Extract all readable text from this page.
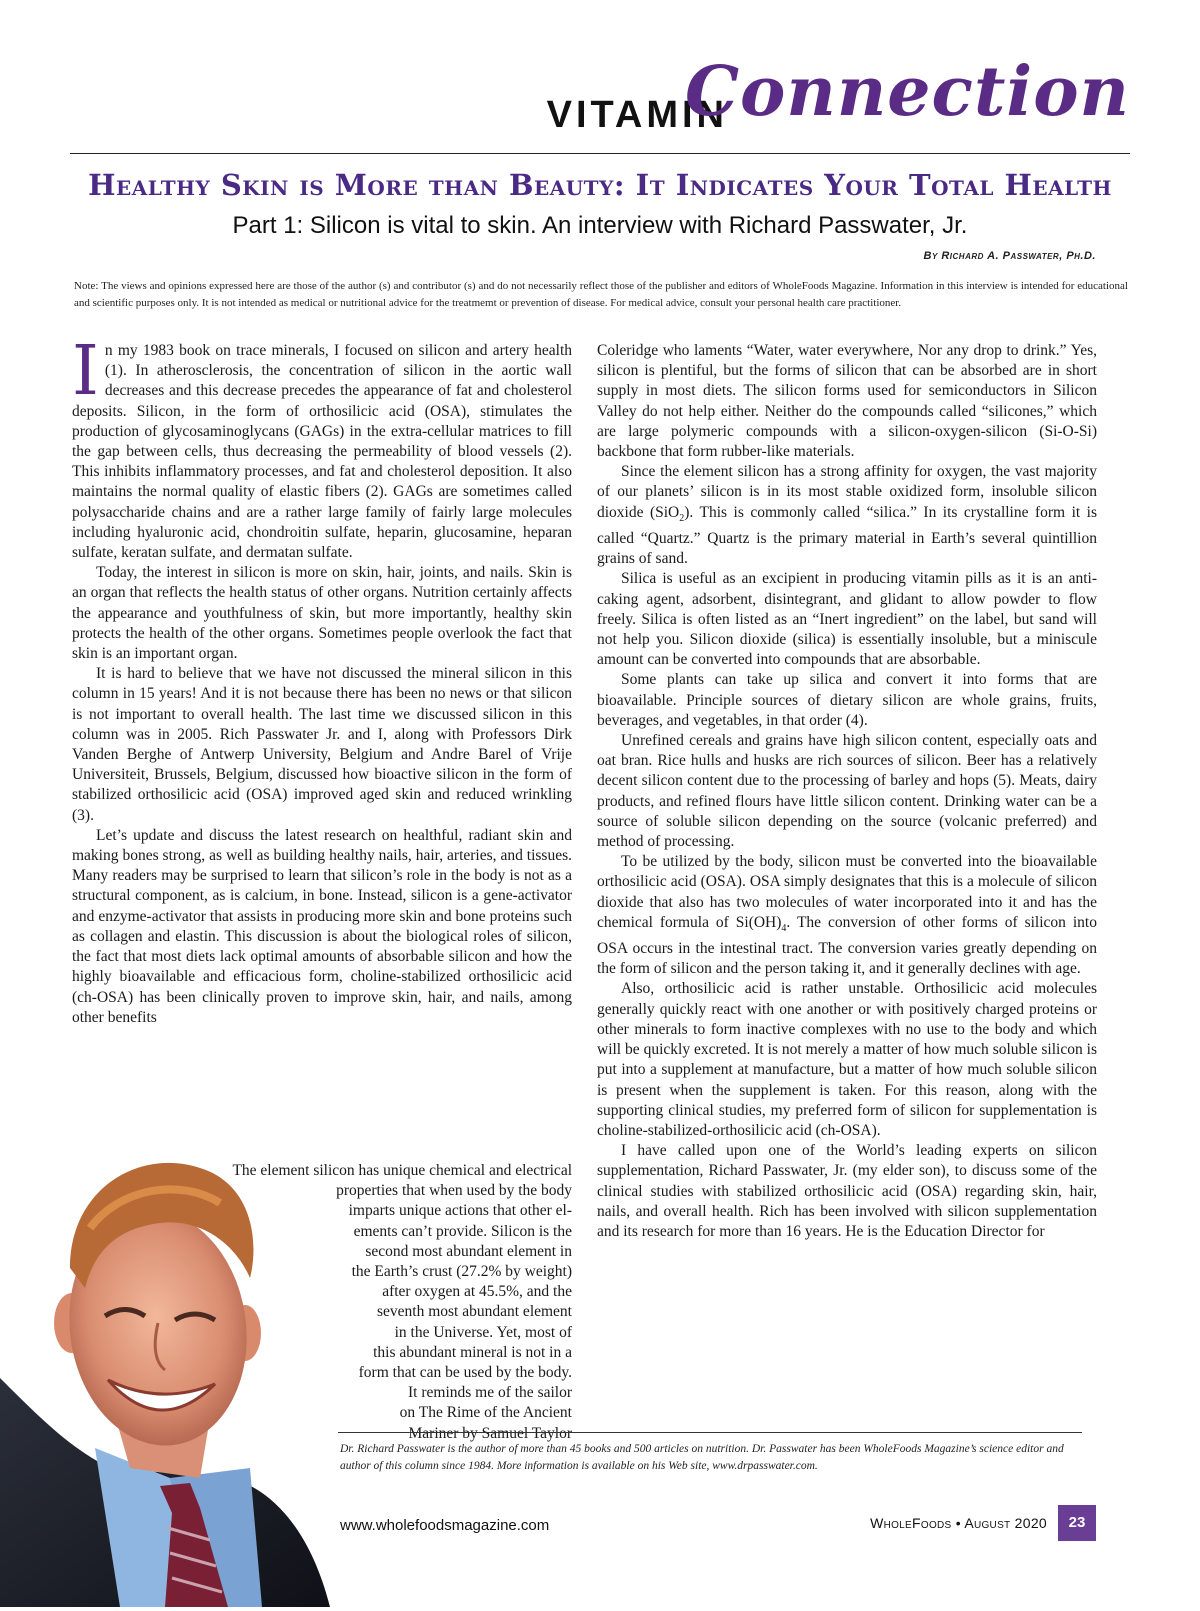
VITAMIN
Connection
Healthy Skin is More than Beauty: It Indicates Your Total Health
Part 1: Silicon is vital to skin. An interview with Richard Passwater, Jr.
By Richard A. Passwater, Ph.D.
Note: The views and opinions expressed here are those of the author (s) and contributor (s) and do not necessarily reflect those of the publisher and editors of WholeFoods Magazine. Information in this interview is intended for educational and scientific purposes only. It is not intended as medical or nutritional advice for the treatmemt or prevention of disease. For medical advice, consult your personal health care practitioner.

In my 1983 book on trace minerals, I focused on silicon and artery health (1). In atherosclerosis, the concentration of silicon in the aortic wall decreases and this decrease precedes the appearance of fat and cholesterol deposits. Silicon, in the form of orthosilicic acid (OSA), stimulates the production of glycosaminoglycans (GAGs) in the extra-cellular matrices to fill the gap between cells, thus decreasing the permeability of blood vessels (2). This inhibits inflammatory processes, and fat and cholesterol deposition. It also maintains the normal quality of elastic fibers (2). GAGs are sometimes called polysaccharide chains and are a rather large family of fairly large molecules including hyaluronic acid, chondroitin sulfate, heparin, glucosamine, heparan sulfate, keratan sulfate, and dermatan sulfate.

Today, the interest in silicon is more on skin, hair, joints, and nails. Skin is an organ that reflects the health status of other organs. Nutrition certainly affects the appearance and youthfulness of skin, but more importantly, healthy skin protects the health of the other organs. Sometimes people overlook the fact that skin is an important organ.

It is hard to believe that we have not discussed the mineral silicon in this column in 15 years! And it is not because there has been no news or that silicon is not important to overall health. The last time we discussed silicon in this column was in 2005. Rich Passwater Jr. and I, along with Professors Dirk Vanden Berghe of Antwerp University, Belgium and Andre Barel of Vrije Universiteit, Brussels, Belgium, discussed how bioactive silicon in the form of stabilized orthosilicic acid (OSA) improved aged skin and reduced wrinkling (3).

Let’s update and discuss the latest research on healthful, radiant skin and making bones strong, as well as building healthy nails, hair, arteries, and tissues. Many readers may be surprised to learn that silicon’s role in the body is not as a structural component, as is calcium, in bone. Instead, silicon is a gene-activator and enzyme-activator that assists in producing more skin and bone proteins such as collagen and elastin. This discussion is about the biological roles of silicon, the fact that most diets lack optimal amounts of absorbable silicon and how the highly bioavailable and efficacious form, choline-stabilized orthosilicic acid (ch-OSA) has been clinically proven to improve skin, hair, and nails, among other benefits

The element silicon has unique chemical and electrical
properties that when used by the body
imparts unique actions that other el-
ements can’t provide. Silicon is the
second most abundant element in
the Earth’s crust (27.2% by weight)
after oxygen at 45.5%, and the
seventh most abundant element
in the Universe. Yet, most of
this abundant mineral is not in a
form that can be used by the body.
It reminds me of the sailor
on The Rime of the Ancient
Mariner by Samuel Taylor

Coleridge who laments “Water, water everywhere, Nor any drop to drink.” Yes, silicon is plentiful, but the forms of silicon that can be absorbed are in short supply in most diets. The silicon forms used for semiconductors in Silicon Valley do not help either. Neither do the compounds called “silicones,” which are large polymeric compounds with a silicon-oxygen-silicon (Si-O-Si) backbone that form rubber-like materials.

Since the element silicon has a strong affinity for oxygen, the vast majority of our planets’ silicon is in its most stable oxidized form, insoluble silicon dioxide (SiO$_2$). This is commonly called “silica.” In its crystalline form it is called “Quartz.” Quartz is the primary material in Earth’s several quintillion grains of sand.

Silica is useful as an excipient in producing vitamin pills as it is an anti-caking agent, adsorbent, disintegrant, and glidant to allow powder to flow freely. Silica is often listed as an “Inert ingredient” on the label, but sand will not help you. Silicon dioxide (silica) is essentially insoluble, but a miniscule amount can be converted into compounds that are absorbable.

Some plants can take up silica and convert it into forms that are bioavailable. Principle sources of dietary silicon are whole grains, fruits, beverages, and vegetables, in that order (4).

Unrefined cereals and grains have high silicon content, especially oats and oat bran. Rice hulls and husks are rich sources of silicon. Beer has a relatively decent silicon content due to the processing of barley and hops (5). Meats, dairy products, and refined flours have little silicon content. Drinking water can be a source of soluble silicon depending on the source (volcanic preferred) and method of processing.

To be utilized by the body, silicon must be converted into the bioavailable orthosilicic acid (OSA). OSA simply designates that this is a molecule of silicon dioxide that also has two molecules of water incorporated into it and has the chemical formula of $Si(OH)_4$. The conversion of other forms of silicon into OSA occurs in the intestinal tract. The conversion varies greatly depending on the form of silicon and the person taking it, and it generally declines with age.

Also, orthosilicic acid is rather unstable. Orthosilicic acid molecules generally quickly react with one another or with positively charged proteins or other minerals to form inactive complexes with no use to the body and which will be quickly excreted. It is not merely a matter of how much soluble silicon is put into a supplement at manufacture, but a matter of how much soluble silicon is present when the supplement is taken. For this reason, along with the supporting clinical studies, my preferred form of silicon for supplementation is choline-stabilized-orthosilicic acid (ch-OSA).

I have called upon one of the World’s leading experts on silicon supplementation, Richard Passwater, Jr. (my elder son), to discuss some of the clinical studies with stabilized orthosilicic acid (OSA) regarding skin, hair, nails, and overall health. Rich has been involved with silicon supplementation and its research for more than 16 years. He is the Education Director for

Dr. Richard Passwater is the author of more than 45 books and 500 articles on nutrition. Dr. Passwater has been WholeFoods Magazine’s science editor and author of this column since 1984. More information is available on his Web site, www.drpasswater.com.
www.wholefoodsmagazine.com	WholeFoods • August 2020	23
